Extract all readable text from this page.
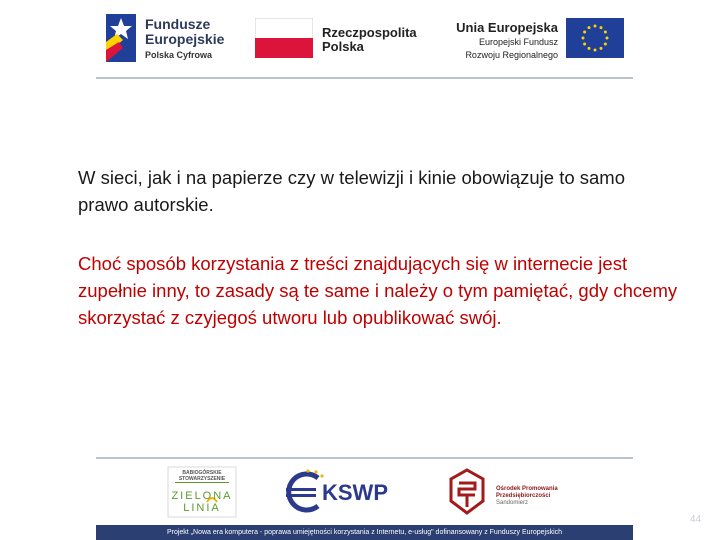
Fundusze
Europejskie
Polska Cyfrowa
Rzeczpospolita
Polska
Unia Europejska
Europejski Fundusz
Rozwoju Regionalnego
W sieci, jak i na papierze czy w telewizji i kinie obowiązuje to samo prawo autorskie.
Choć sposób korzystania z treści znajdujących się w internecie jest zupełnie inny, to zasady są te same i należy o tym pamiętać, gdy chcemy skorzystać z czyjegoś utworu lub opublikować swój.
BABIOGÓRSKIE STOWARZYSZENIE
ZIELONA
LINIA
KSWP	Ośrodek Promowania
Przedsiębiorczości
Sandomierz
Projekt „Nowa era komputera - poprawa umiejętności korzystania z Internetu, e-usług" dofinansowany z Funduszy Europejskich
44
